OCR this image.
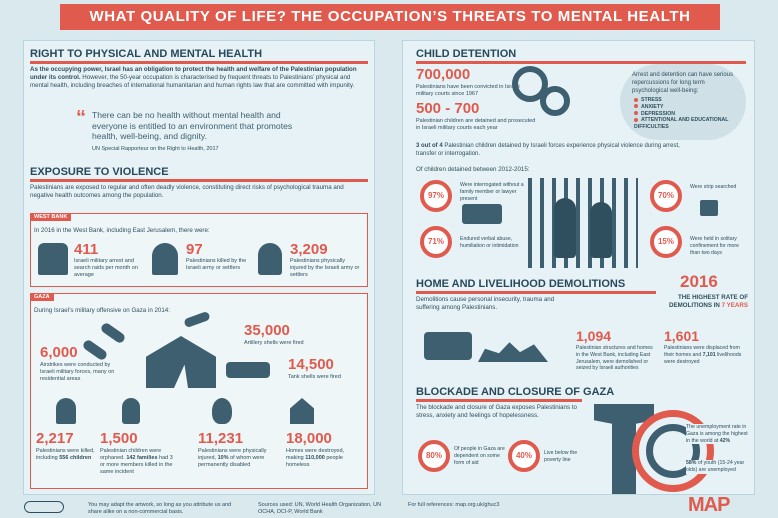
WHAT QUALITY OF LIFE? THE OCCUPATION’S THREATS TO MENTAL HEALTH
RIGHT TO PHYSICAL AND MENTAL HEALTH
As the occupying power, Israel has an obligation to protect the health and welfare of the Palestinian population under its control. However, the 50-year occupation is characterised by frequent threats to Palestinians’ physical and mental health, including breaches of international humanitarian and human rights law that are committed with impunity.
“ There can be no health without mental health and everyone is entitled to an environment that promotes health, well-being, and dignity.
UN Special Rapporteur on the Right to Health, 2017
EXPOSURE TO VIOLENCE
Palestinians are exposed to regular and often deadly violence, constituting direct risks of psychological trauma and negative health outcomes among the population.
WEST BANK
In 2016 in the West Bank, including East Jerusalem, there were:
411
Israeli military arrest and search raids per month on average
97
Palestinians killed by the Israeli army or settlers
3,209
Palestinians physically injured by the Israeli army or settlers
GAZA
During Israel’s military offensive on Gaza in 2014:
6,000
Airstrikes were conducted by Israeli military forces, many on residential areas
35,000
Artillery shells were fired
14,500
Tank shells were fired
2,217
Palestinians were killed, including 556 children
1,500
Palestinian children were orphaned. 142 families had 3 or more members killed in the same incident
11,231
Palestinians were physically injured, 10% of whom were permanently disabled
18,000
Homes were destroyed, making 110,000 people homeless
CHILD DETENTION
700,000
Palestinians have been convicted in Israeli military courts since 1967
500 - 700
Palestinian children are detained and prosecuted in Israeli military courts each year
Arrest and detention can have serious repercussions for long term psychological well-being:
STRESS
ANXIETY
DEPRESSION
ATTENTIONAL AND EDUCATIONAL DIFFICULTIES
3 out of 4 Palestinian children detained by Israeli forces experience physical violence during arrest, transfer or interrogation.
Of children detained between 2012-2015:
97%
Were interrogated without a family member or lawyer present
71%	Endured verbal abuse, humiliation or intimidation
70%
Were strip searched
15%	Were held in solitary confinement for more than two days
HOME AND LIVELIHOOD DEMOLITIONS
Demolitions cause personal insecurity, trauma and suffering among Palestinians.
2016
THE HIGHEST RATE OF DEMOLITIONS IN 7 YEARS
1,094
Palestinian structures and homes in the West Bank, including East Jerusalem, were demolished or seized by Israeli authorities
1,601
Palestinians were displaced from their homes and 7,101 livelihoods were destroyed
BLOCKADE AND CLOSURE OF GAZA
The blockade and closure of Gaza exposes Palestinians to stress, anxiety and feelings of hopelessness.
80%
Of people in Gaza are dependent on some form of aid
40%	Live below the poverty line
The unemployment rate in Gaza is among the highest in the world at 42%
58% of youth (15-24 year olds) are unemployed
You may adapt the artwork, so long as you attribute us and share alike on a non-commercial basis.
Sources used: UN, World Health Organization, UN OCHA, DCI-P, World Bank
For full references: map.org.uk/ghuc3	MAP
